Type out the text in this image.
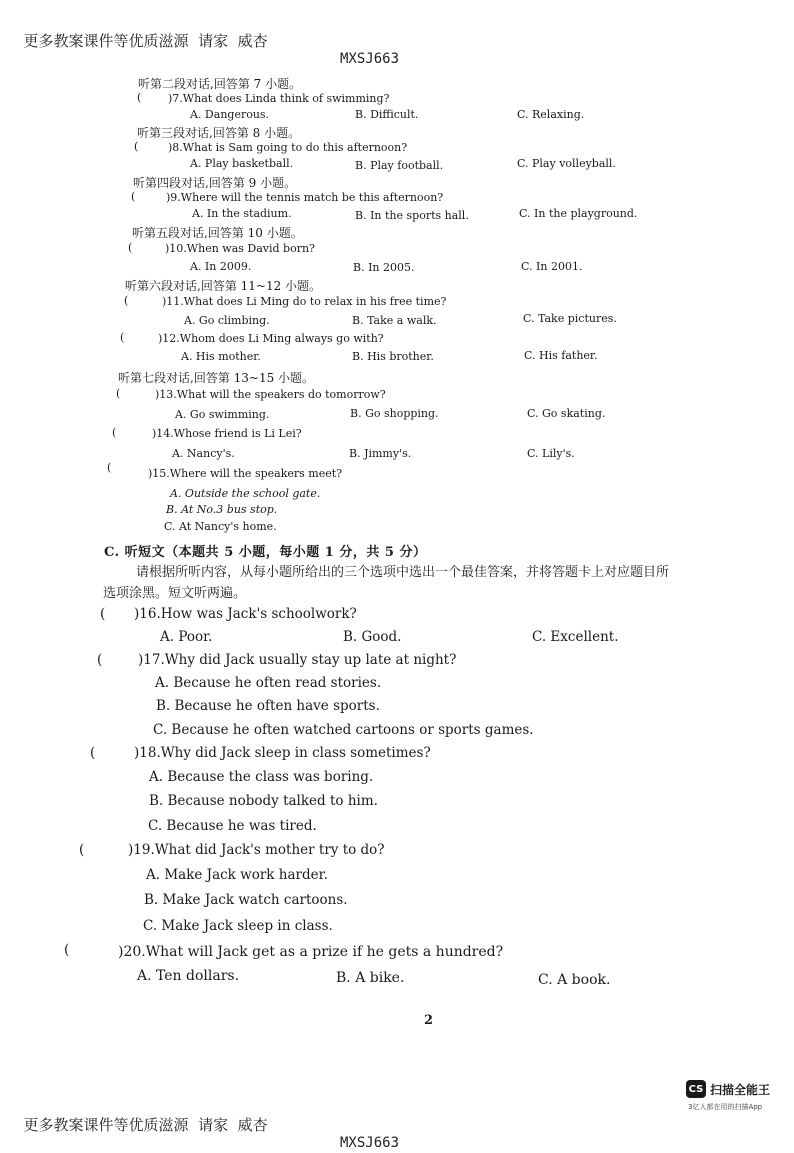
更多教案课件等优质滋源  请家  威杏

MXSJ663

听第二段对话,回答第 7 小题。
( )7.What does Linda think of swimming?
A. Dangerous.	B. Difficult.	C. Relaxing.
听第三段对话,回答第 8 小题。
(	)8.What is Sam going to do this afternoon?
A. Play basketball.	B. Play football.	C. Play volleyball.
听第四段对话,回答第 9 小题。
(	)9.Where will the tennis match be this afternoon?
A. In the stadium.	B. In the sports hall.	C. In the playground.
听第五段对话,回答第 10 小题。
(	)10.When was David born?
A. In 2009.	B. In 2005.	C. In 2001.
听第六段对话,回答第 11~12 小题。
(	)11.What does Li Ming do to relax in his free time?
A. Go climbing.	B. Take a walk.	C. Take pictures.
(	)12.Whom does Li Ming always go with?
A. His mother.	B. His brother.	C. His father.
听第七段对话,回答第 13~15 小题。
(	)13.What will the speakers do tomorrow?
A. Go swimming.	B. Go shopping.	C. Go skating.
(	)14.Whose friend is Li Lei?
A. Nancy's.	B. Jimmy's.	C. Lily's.
(	)15.Where will the speakers meet?
A. Outside the school gate.
B. At No.3 bus stop.
C. At Nancy's home.
C. 听短文（本题共 5 小题，每小题 1 分，共 5 分）
请根据所听内容，从每小题所给出的三个选项中选出一个最佳答案，并将答题卡上对应题目所
选项涂黑。短文听两遍。
( )16.How was Jack's schoolwork?
A. Poor.	B. Good.	C. Excellent.
(	)17.Why did Jack usually stay up late at night?
A. Because he often read stories.
B. Because he often have sports.
C. Because he often watched cartoons or sports games.
(	)18.Why did Jack sleep in class sometimes?
A. Because the class was boring.
B. Because nobody talked to him.
C. Because he was tired.
(	)19.What did Jack's mother try to do?
A. Make Jack work harder.
B. Make Jack watch cartoons.
C. Make Jack sleep in class.
(	)20.What will Jack get as a prize if he gets a hundred?
A. Ten dollars.	B. A bike.	C. A book.
2

更多教案课件等优质滋源  请家  威杏

MXSJ663

CS 扫描全能王
3亿人都在用的扫描App
